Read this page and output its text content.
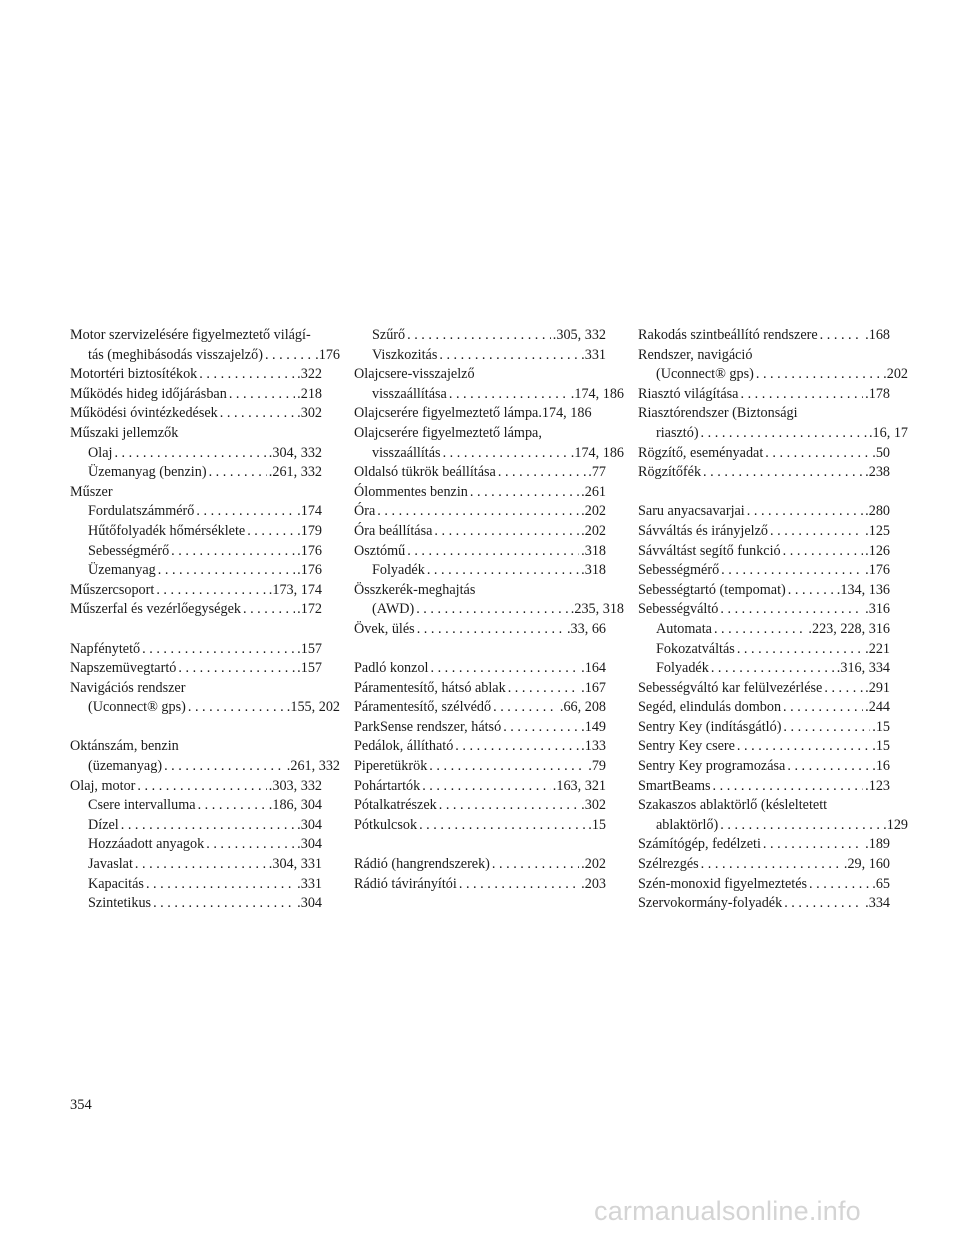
Motor szervizelésére figyelmeztető világí-
tás (meghibásodás visszajelző) . . .	.176
Motortéri biztosítékok . . .	.322
Működés hideg időjárásban . . .	.218
Működési óvintézkedések . . .	.302
Műszaki jellemzők
Olaj . . .	.304, 332
Üzemanyag (benzin) . . .	.261, 332
Műszer
Fordulatszámmérő . . .	.174
Hűtőfolyadék hőmérséklete . . .	.179
Sebességmérő . . .	.176
Üzemanyag . . .	.176
Műszercsoport . . .	.173, 174
Műszerfal és vezérlőegységek . . .	.172
Napfénytető . . .	.157
Napszemüvegtartó . . .	.157
Navigációs rendszer
(Uconnect® gps) . . .	.155, 202
Oktánszám, benzin
(üzemanyag) . . .	.261, 332
Olaj, motor . . .	.303, 332
Csere intervalluma . . .	.186, 304
Dízel . . .	.304
Hozzáadott anyagok . . .	.304
Javaslat . . .	.304, 331
Kapacitás . . .	.331
Szintetikus . . .	.304
Szűrő . . .	.305, 332
Viszkozitás . . .	.331
Olajcsere-visszajelző
visszaállítása . . .	.174, 186
Olajcserére figyelmeztető lámpa.174, 186
Olajcserére figyelmeztető lámpa,
visszaállítás . . .	.174, 186
Oldalsó tükrök beállítása . . .	.77
Ólommentes benzin . . .	.261
Óra . . .	.202
Óra beállítása . . .	.202
Osztómű . . .	.318
Folyadék . . .	.318
Összkerék-meghajtás
(AWD) . . .	.235, 318
Övek, ülés . . .	.33, 66
Padló konzol . . .	.164
Páramentesítő, hátsó ablak . . .	.167
Páramentesítő, szélvédő . . .	.66, 208
ParkSense rendszer, hátsó . . .	.149
Pedálok, állítható . . .	.133
Piperetükrök . . .	.79
Pohártartók . . .	.163, 321
Pótalkatrészek . . .	.302
Pótkulcsok . . .	.15
Rádió (hangrendszerek) . . .	.202
Rádió távirányítói . . .	.203
Rakodás szintbeállító rendszere . . .	.168
Rendszer, navigáció
(Uconnect® gps) . . .	.202
Riasztó világítása . . .	.178
Riasztórendszer (Biztonsági
riasztó) . . .	.16, 17
Rögzítő, eseményadat . . .	.50
Rögzítőfék . . .	.238
Saru anyacsavarjai . . .	.280
Sávváltás és irányjelző . . .	.125
Sávváltást segítő funkció . . .	.126
Sebességmérő . . .	.176
Sebességtartó (tempomat) . . .	.134, 136
Sebességváltó . . .	.316
Automata . . .	.223, 228, 316
Fokozatváltás . . .	.221
Folyadék . . .	.316, 334
Sebességváltó kar felülvezérlése . . .	.291
Segéd, elindulás dombon . . .	.244
Sentry Key (indításgátló) . . .	.15
Sentry Key csere . . .	.15
Sentry Key programozása . . .	.16
SmartBeams . . .	.123
Szakaszos ablaktörlő (késleltetett
ablaktörlő) . . .	.129
Számítógép, fedélzeti . . .	.189
Szélrezgés . . .	.29, 160
Szén-monoxid figyelmeztetés . . .	.65
Szervokormány-folyadék . . .	.334
354
carmanualsonline.info
